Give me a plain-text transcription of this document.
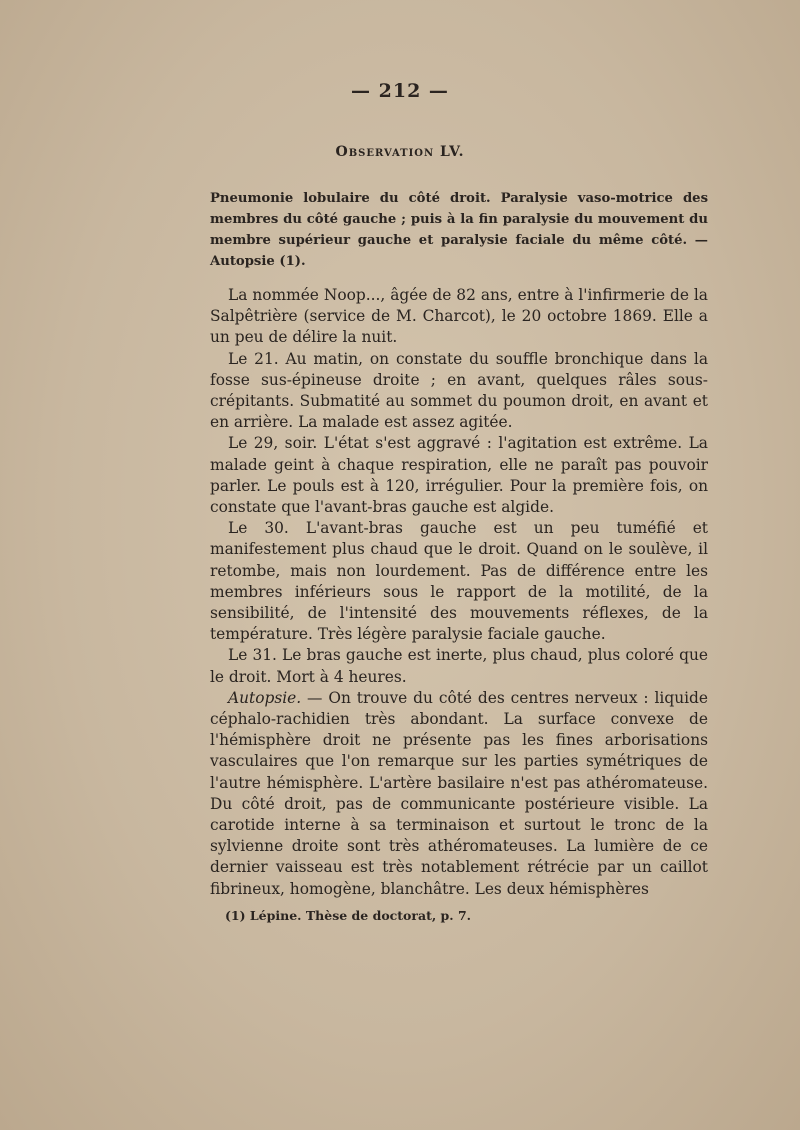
— 212 —
Observation LV.
Pneumonie lobulaire du côté droit. Paralysie vaso-motrice des membres du côté gauche ; puis à la fin paralysie du mouvement du membre supérieur gauche et paralysie faciale du même côté. — Autopsie (1).

La nommée Noop..., âgée de 82 ans, entre à l'infirmerie de la Salpêtrière (service de M. Charcot), le 20 octobre 1869. Elle a un peu de délire la nuit.

Le 21. Au matin, on constate du souffle bronchique dans la fosse sus-épineuse droite ; en avant, quelques râles sous-crépitants. Submatité au sommet du poumon droit, en avant et en arrière. La malade est assez agitée.

Le 29, soir. L'état s'est aggravé : l'agitation est extrême. La malade geint à chaque respiration, elle ne paraît pas pouvoir parler. Le pouls est à 120, irrégulier. Pour la première fois, on constate que l'avant-bras gauche est algide.

Le 30. L'avant-bras gauche est un peu tuméfié et manifestement plus chaud que le droit. Quand on le soulève, il retombe, mais non lourdement. Pas de différence entre les membres inférieurs sous le rapport de la motilité, de la sensibilité, de l'intensité des mouvements réflexes, de la température. Très légère paralysie faciale gauche.

Le 31. Le bras gauche est inerte, plus chaud, plus coloré que le droit. Mort à 4 heures.

Autopsie. — On trouve du côté des centres nerveux : liquide céphalo-rachidien très abondant. La surface convexe de l'hémisphère droit ne présente pas les fines arborisations vasculaires que l'on remarque sur les parties symétriques de l'autre hémisphère. L'artère basilaire n'est pas athéromateuse. Du côté droit, pas de communicante postérieure visible. La carotide interne à sa terminaison et surtout le tronc de la sylvienne droite sont très athéromateuses. La lumière de ce dernier vaisseau est très notablement rétrécie par un caillot fibrineux, homogène, blanchâtre. Les deux hémisphères

(1) Lépine. Thèse de doctorat, p. 7.
